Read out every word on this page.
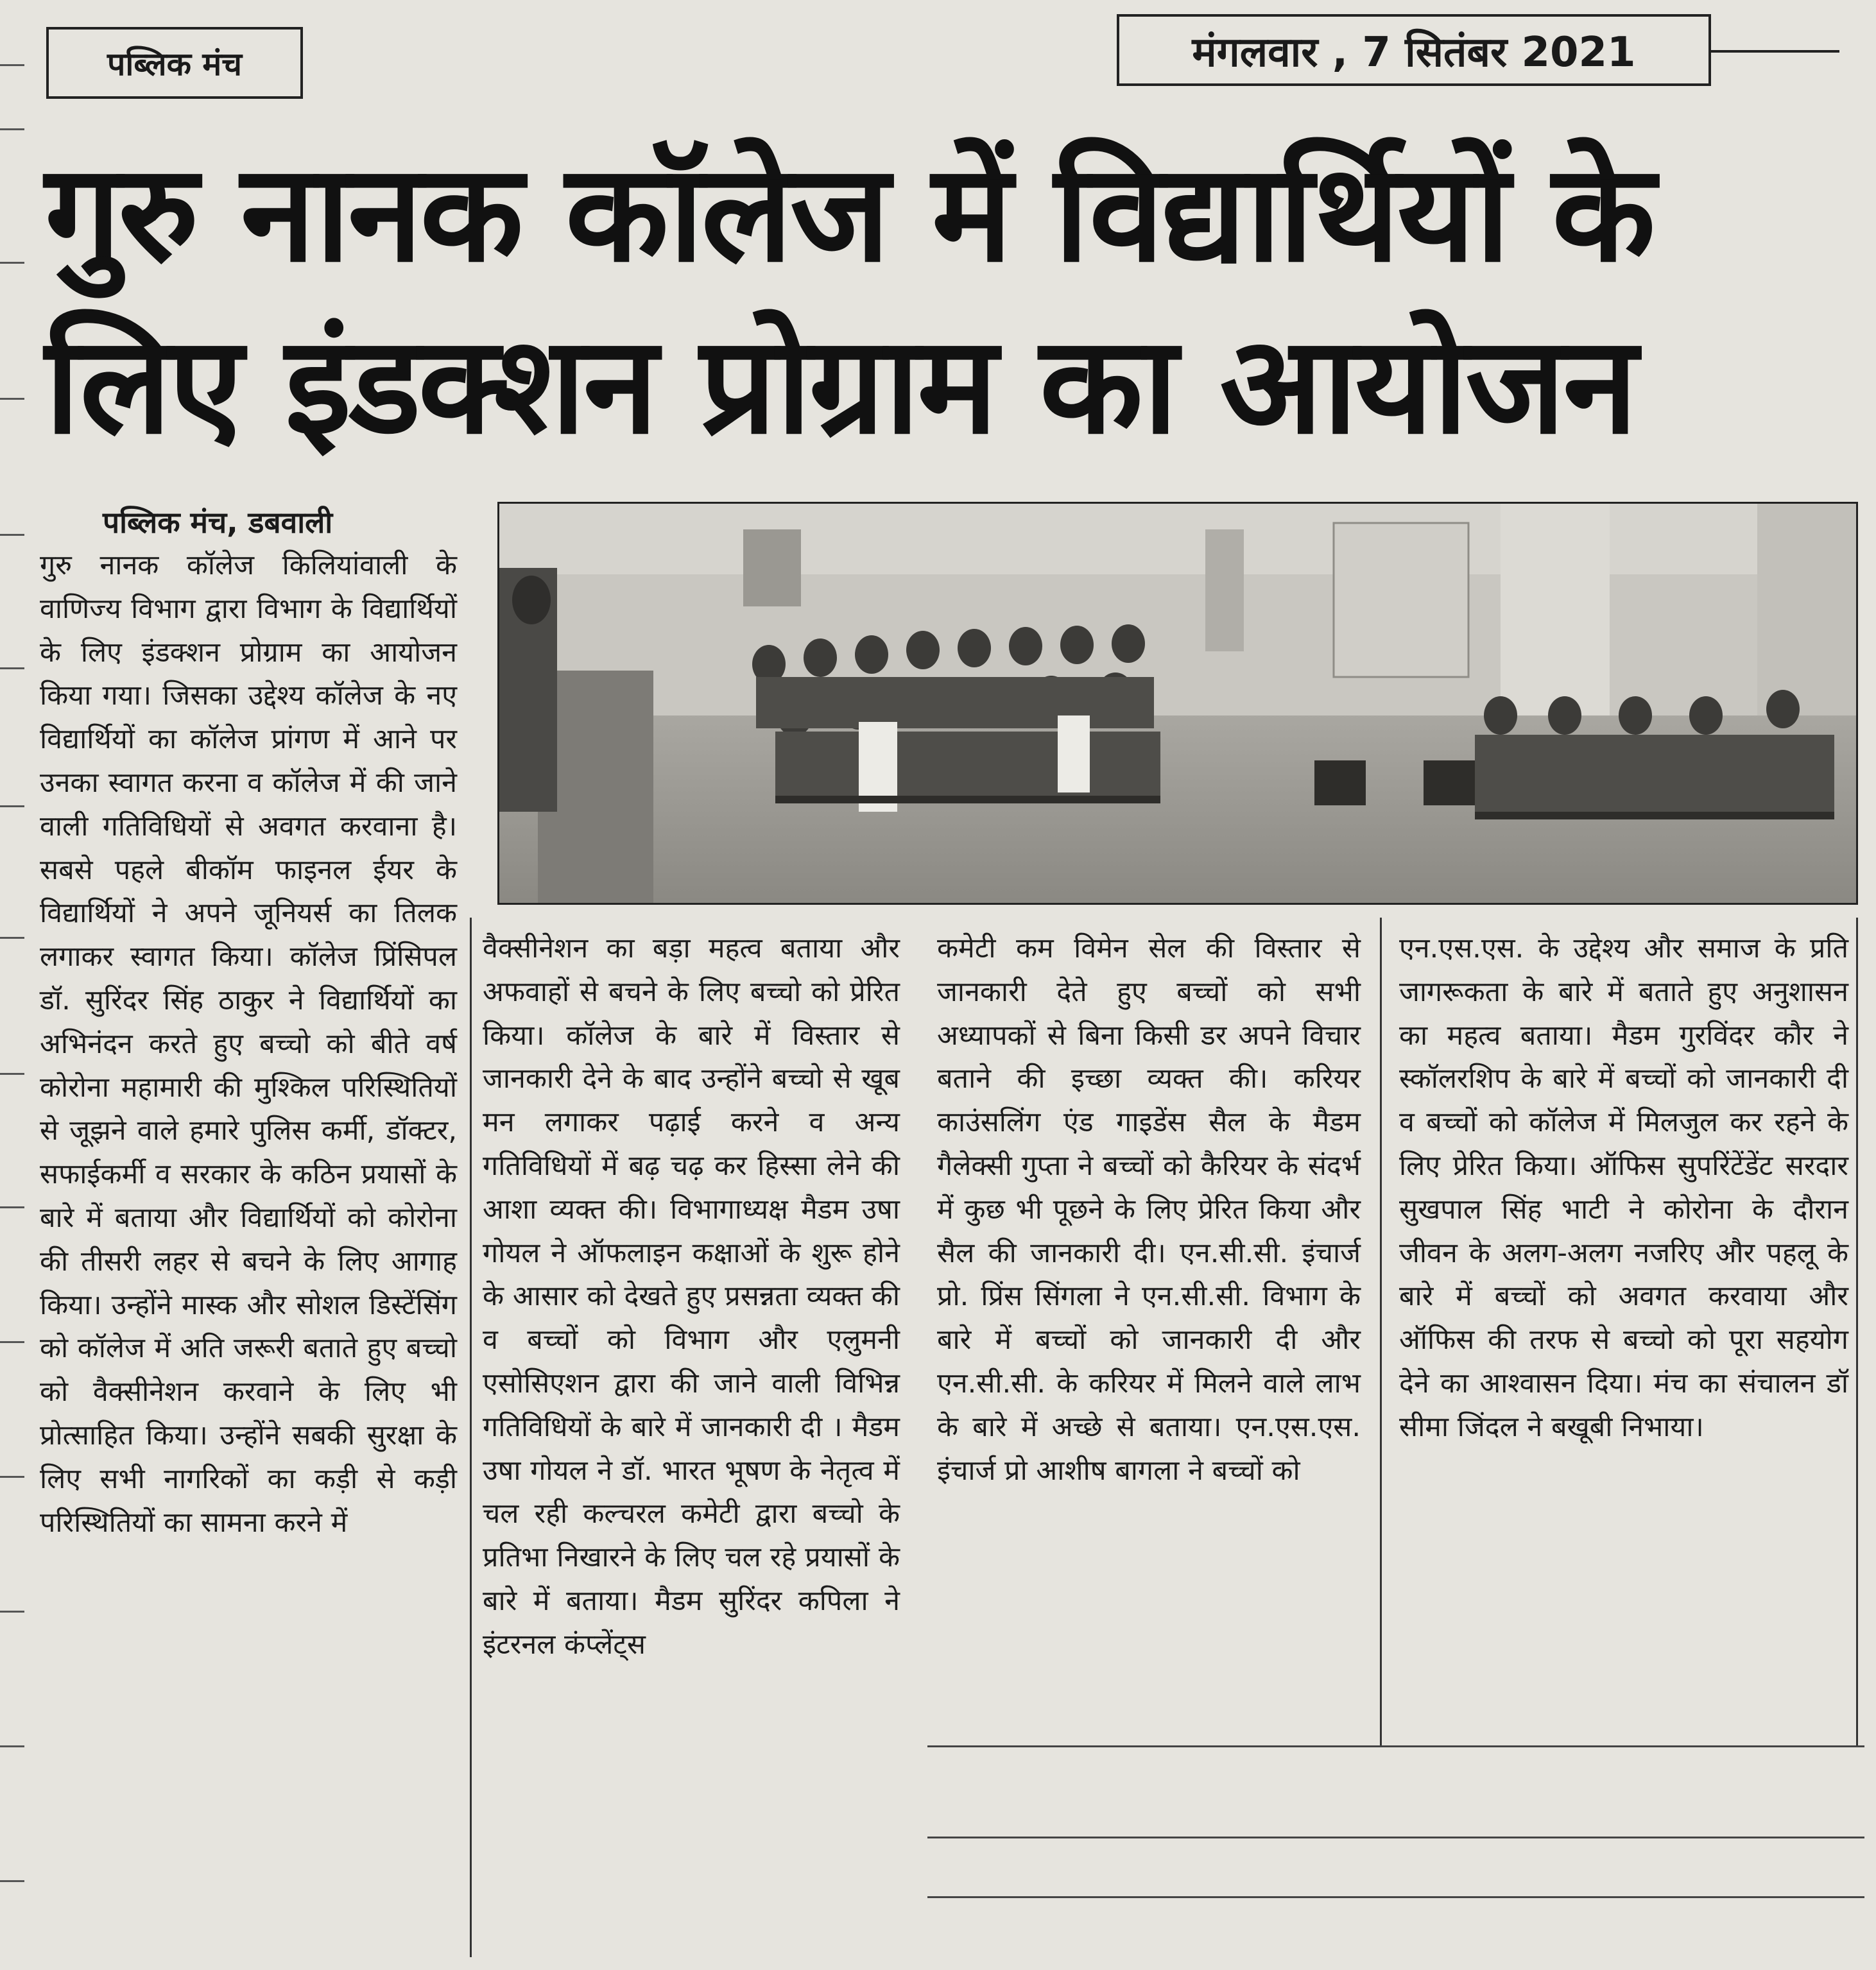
पब्लिक मंच	मंगलवार , 7 सितंबर 2021
गुरु नानक कॉलेज में विद्यार्थियों के
लिए इंडक्शन प्रोग्राम का आयोजन
पब्लिक मंच, डबवाली

गुरु नानक कॉलेज किलियांवाली के वाणिज्य विभाग द्वारा विभाग के विद्यार्थियों के लिए इंडक्शन प्रोग्राम का आयोजन किया गया। जिसका उद्देश्य कॉलेज के नए विद्यार्थियों का कॉलेज प्रांगण में आने पर उनका स्वागत करना व कॉलेज में की जाने वाली गतिविधियों से अवगत करवाना है। सबसे पहले बीकॉम फाइनल ईयर के विद्यार्थियों ने अपने जूनियर्स का तिलक लगाकर स्वागत किया। कॉलेज प्रिंसिपल डॉ. सुरिंदर सिंह ठाकुर ने विद्यार्थियों का अभिनंदन करते हुए बच्चो को बीते वर्ष कोरोना महामारी की मुश्किल परिस्थितियों से जूझने वाले हमारे पुलिस कर्मी, डॉक्टर, सफाईकर्मी व सरकार के कठिन प्रयासों के बारे में बताया और विद्यार्थियों को कोरोना की तीसरी लहर से बचने के लिए आगाह किया। उन्होंने मास्क और सोशल डिस्टेंसिंग को कॉलेज में अति जरूरी बताते हुए बच्चो को वैक्सीनेशन करवाने के लिए भी प्रोत्साहित किया। उन्होंने सबकी सुरक्षा के लिए सभी नागरिकों का कड़ी से कड़ी परिस्थितियों का सामना करने में

वैक्सीनेशन का बड़ा महत्व बताया और अफवाहों से बचने के लिए बच्चो को प्रेरित किया। कॉलेज के बारे में विस्तार से जानकारी देने के बाद उन्होंने बच्चो से खूब मन लगाकर पढ़ाई करने व अन्य गतिविधियों में बढ़ चढ़ कर हिस्सा लेने की आशा व्यक्त की। विभागाध्यक्ष मैडम उषा गोयल ने ऑफलाइन कक्षाओं के शुरू होने के आसार को देखते हुए प्रसन्नता व्यक्त की व बच्चों को विभाग और एलुमनी एसोसिएशन द्वारा की जाने वाली विभिन्न गतिविधियों के बारे में जानकारी दी । मैडम उषा गोयल ने डॉ. भारत भूषण के नेतृत्व में चल रही कल्चरल कमेटी द्वारा बच्चो के प्रतिभा निखारने के लिए चल रहे प्रयासों के बारे में बताया। मैडम सुरिंदर कपिला ने इंटरनल कंप्लेंट्स

कमेटी कम विमेन सेल की विस्तार से जानकारी देते हुए बच्चों को सभी अध्यापकों से बिना किसी डर अपने विचार बताने की इच्छा व्यक्त की। करियर काउंसलिंग एंड गाइडेंस सैल के मैडम गैलेक्सी गुप्ता ने बच्चों को कैरियर के संदर्भ में कुछ भी पूछने के लिए प्रेरित किया और सैल की जानकारी दी। एन.सी.सी. इंचार्ज प्रो. प्रिंस सिंगला ने एन.सी.सी. विभाग के बारे में बच्चों को जानकारी दी और एन.सी.सी. के करियर में मिलने वाले लाभ के बारे में अच्छे से बताया। एन.एस.एस. इंचार्ज प्रो आशीष बागला ने बच्चों को

एन.एस.एस. के उद्देश्य और समाज के प्रति जागरूकता के बारे में बताते हुए अनुशासन का महत्व बताया। मैडम गुरविंदर कौर ने स्कॉलरशिप के बारे में बच्चों को जानकारी दी व बच्चों को कॉलेज में मिलजुल कर रहने के लिए प्रेरित किया। ऑफिस सुपरिंटेंडेंट सरदार सुखपाल सिंह भाटी ने कोरोना के दौरान जीवन के अलग-अलग नजरिए और पहलू के बारे में बच्चों को अवगत करवाया और ऑफिस की तरफ से बच्चो को पूरा सहयोग देने का आश्वासन दिया। मंच का संचालन डॉ सीमा जिंदल ने बखूबी निभाया।
